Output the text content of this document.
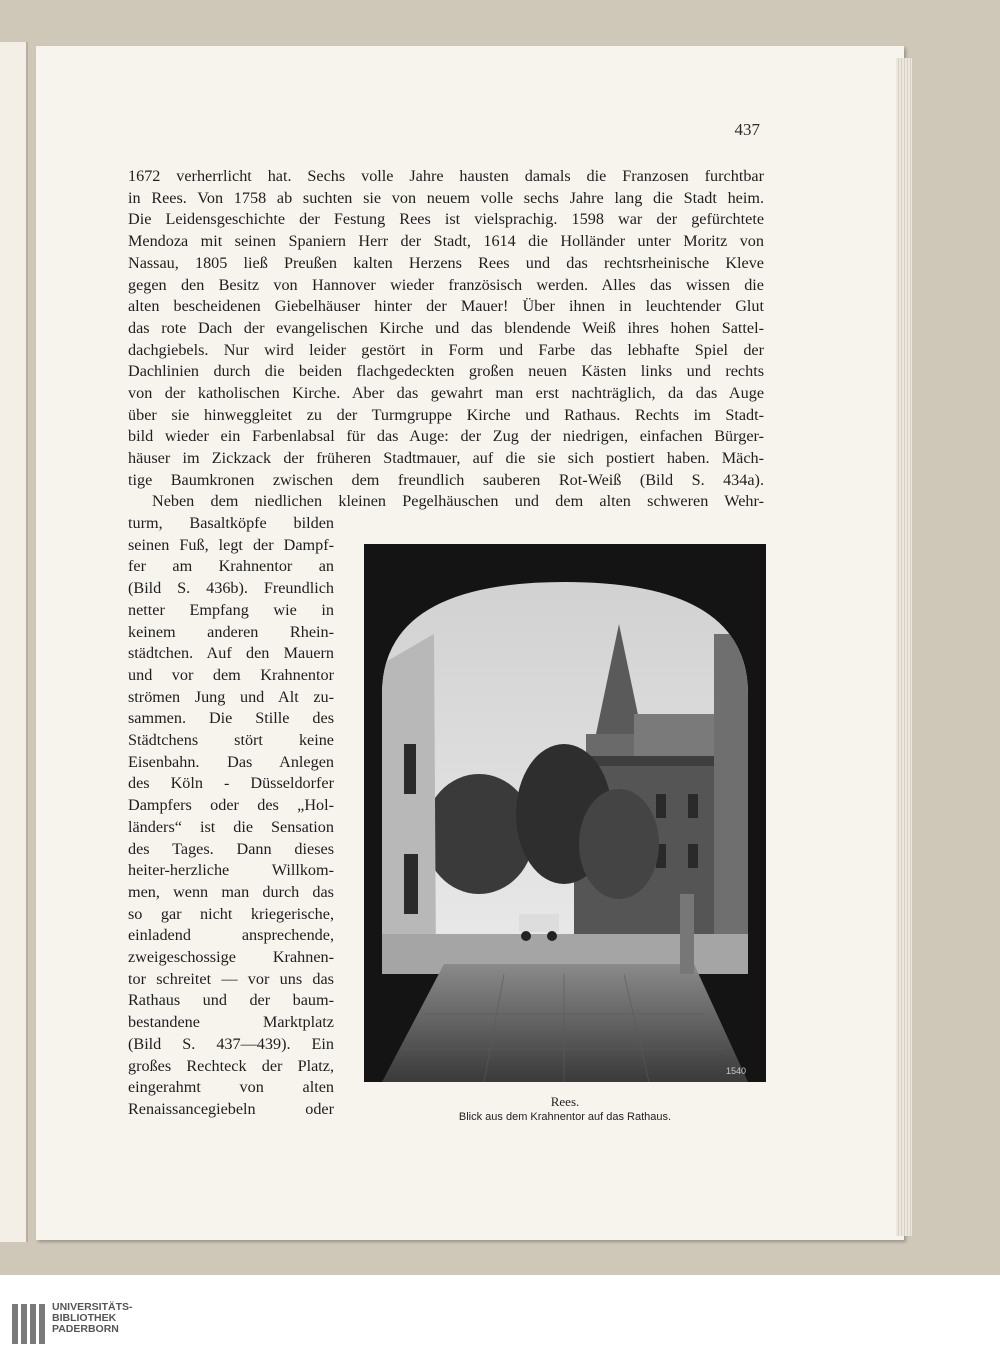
437
1672 verherrlicht hat. Sechs volle Jahre hausten damals die Franzosen furchtbar
in Rees. Von 1758 ab suchten sie von neuem volle sechs Jahre lang die Stadt heim.
Die Leidensgeschichte der Festung Rees ist vielsprachig. 1598 war der gefürchtete
Mendoza mit seinen Spaniern Herr der Stadt, 1614 die Holländer unter Moritz von
Nassau, 1805 ließ Preußen kalten Herzens Rees und das rechtsrheinische Kleve
gegen den Besitz von Hannover wieder französisch werden. Alles das wissen die
alten bescheidenen Giebelhäuser hinter der Mauer! Über ihnen in leuchtender Glut
das rote Dach der evangelischen Kirche und das blendende Weiß ihres hohen Sattel-
dachgiebels. Nur wird leider gestört in Form und Farbe das lebhafte Spiel der
Dachlinien durch die beiden flachgedeckten großen neuen Kästen links und rechts
von der katholischen Kirche. Aber das gewahrt man erst nachträglich, da das Auge
über sie hinweggleitet zu der Turmgruppe Kirche und Rathaus. Rechts im Stadt-
bild wieder ein Farbenlabsal für das Auge: der Zug der niedrigen, einfachen Bürger-
häuser im Zickzack der früheren Stadtmauer, auf die sie sich postiert haben. Mäch-
tige Baumkronen zwischen dem freundlich sauberen Rot-Weiß (Bild S. 434a).
Neben dem niedlichen kleinen Pegelhäuschen und dem alten schweren Wehr-
turm, Basaltköpfe bilden
seinen Fuß, legt der Dampf-
fer am Krahnentor an
(Bild S. 436b). Freundlich
netter Empfang wie in
keinem anderen Rhein-
städtchen. Auf den Mauern
und vor dem Krahnentor
strömen Jung und Alt zu-
sammen. Die Stille des
Städtchens stört keine
Eisenbahn. Das Anlegen
des Köln - Düsseldorfer
Dampfers oder des „Hol-
länders“ ist die Sensation
des Tages. Dann dieses
heiter-herzliche Willkom-
men, wenn man durch das
so gar nicht kriegerische,
einladend ansprechende,
zweigeschossige Krahnen-
tor schreitet — vor uns das
Rathaus und der baum-
bestandene Marktplatz
(Bild S. 437—439). Ein
großes Rechteck der Platz,
eingerahmt von alten
Renaissancegiebeln oder
1540
Rees.
Blick aus dem Krahnentor auf das Rathaus.
UNIVERSITÄTS-
BIBLIOTHEK
PADERBORN
